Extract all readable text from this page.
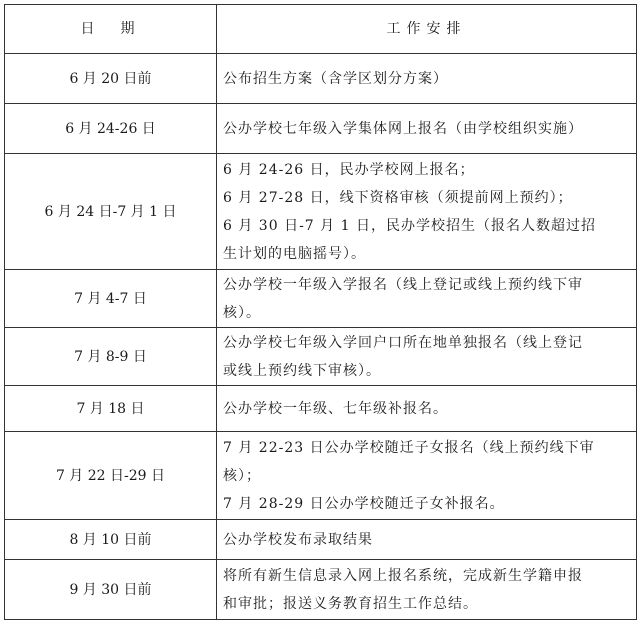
日　期	工作安排
6 月 20 日前	公布招生方案（含学区划分方案）

6 月 24-26 日	公办学校七年级入学集体网上报名（由学校组织实施）

6 月 24 日-7 月 1 日	6 月 24-26 日，民办学校网上报名；
6 月 27-28 日，线下资格审核（须提前网上预约）；
6 月 30 日-7 月 1 日，民办学校招生（报名人数超过招
生计划的电脑摇号）。

7 月 4-7 日	公办学校一年级入学报名（线上登记或线上预约线下审
核）。

7 月 8-9 日	公办学校七年级入学回户口所在地单独报名（线上登记
或线上预约线下审核）。

7 月 18 日	公办学校一年级、七年级补报名。

7 月 22 日-29 日	7 月 22-23 日公办学校随迁子女报名（线上预约线下审
核）；
7 月 28-29 日公办学校随迁子女补报名。

8 月 10 日前	公办学校发布录取结果

9 月 30 日前	将所有新生信息录入网上报名系统，完成新生学籍申报
和审批；报送义务教育招生工作总结。
